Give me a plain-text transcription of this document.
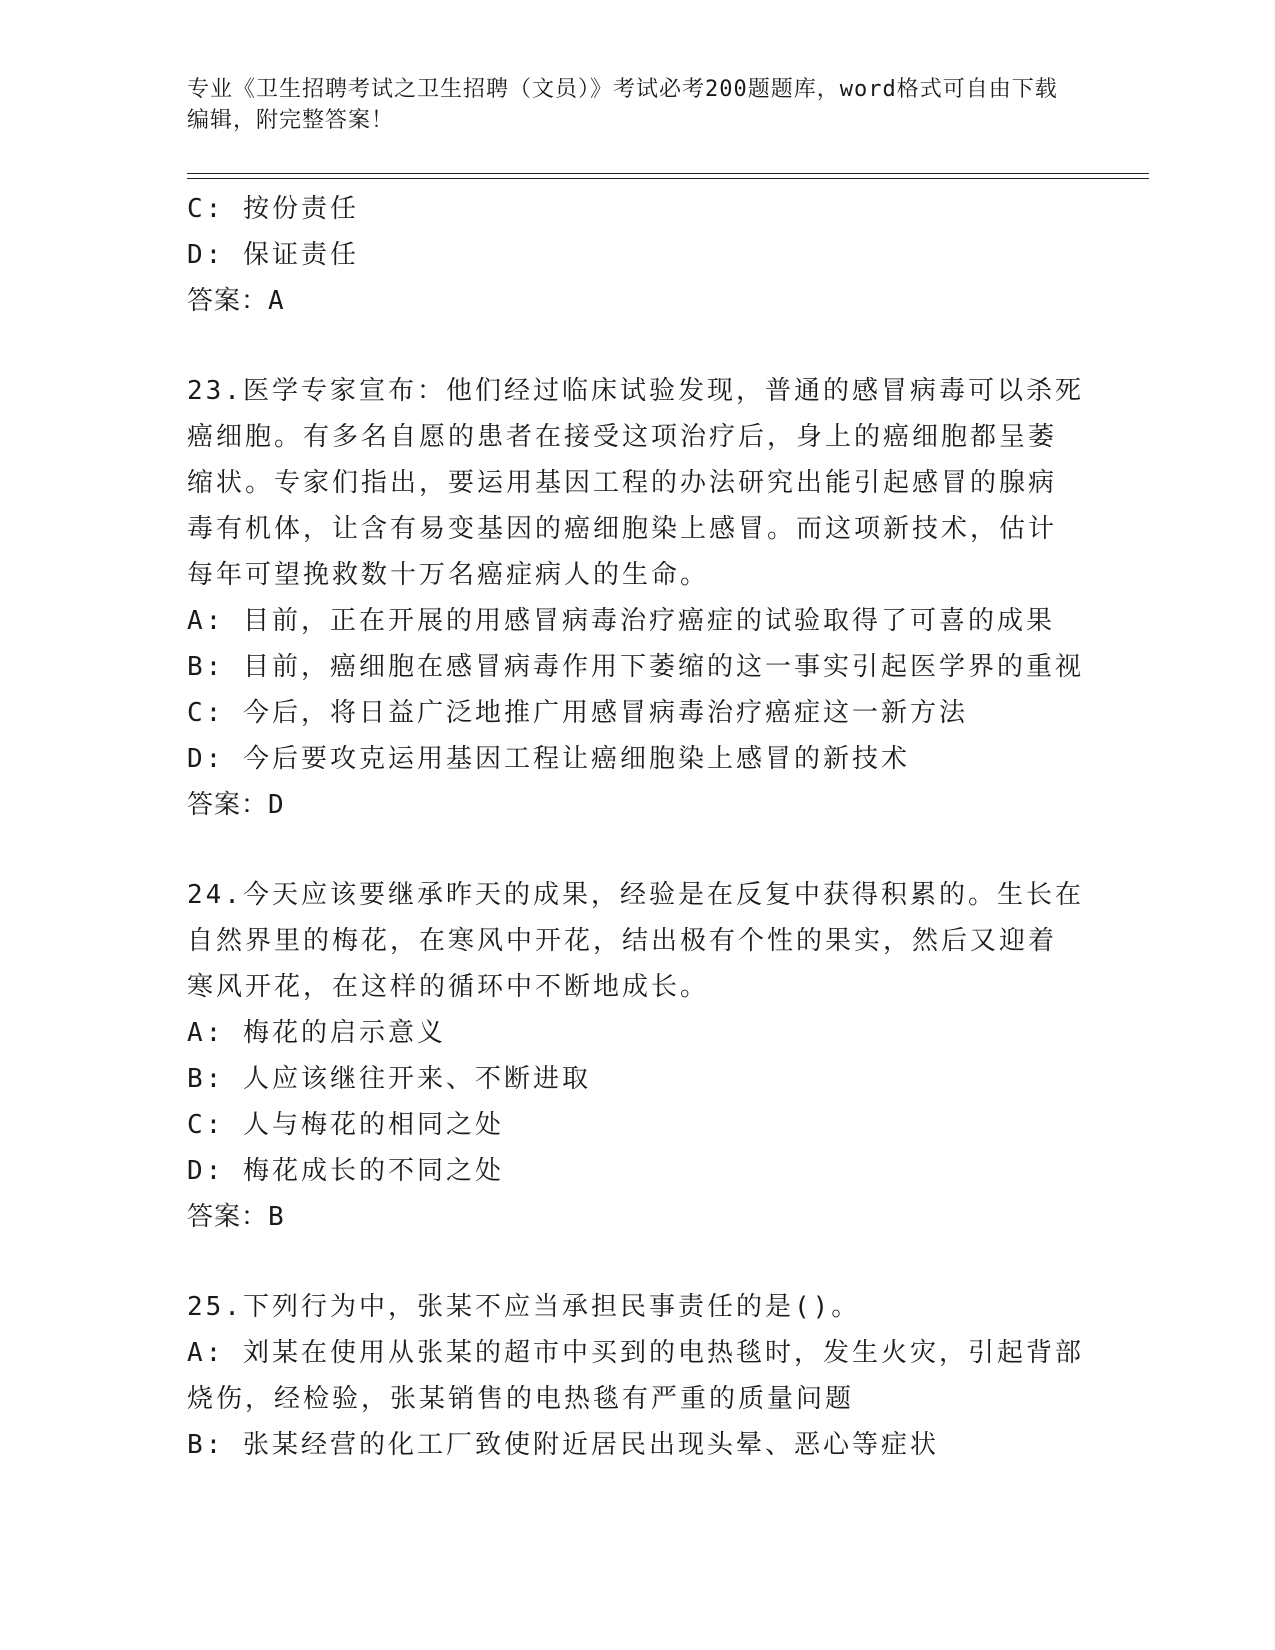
专业《卫生招聘考试之卫生招聘（文员）》考试必考200题题库，word格式可自由下载编辑，附完整答案！
C: 按份责任
D: 保证责任
答案：A
23.医学专家宣布：他们经过临床试验发现，普通的感冒病毒可以杀死
癌细胞。有多名自愿的患者在接受这项治疗后，身上的癌细胞都呈萎
缩状。专家们指出，要运用基因工程的办法研究出能引起感冒的腺病
毒有机体，让含有易变基因的癌细胞染上感冒。而这项新技术，估计
每年可望挽救数十万名癌症病人的生命。
A: 目前，正在开展的用感冒病毒治疗癌症的试验取得了可喜的成果
B: 目前，癌细胞在感冒病毒作用下萎缩的这一事实引起医学界的重视
C: 今后，将日益广泛地推广用感冒病毒治疗癌症这一新方法
D: 今后要攻克运用基因工程让癌细胞染上感冒的新技术
答案：D
24.今天应该要继承昨天的成果，经验是在反复中获得积累的。生长在
自然界里的梅花，在寒风中开花，结出极有个性的果实，然后又迎着
寒风开花，在这样的循环中不断地成长。
A: 梅花的启示意义
B: 人应该继往开来、不断进取
C: 人与梅花的相同之处
D: 梅花成长的不同之处
答案：B
25.下列行为中，张某不应当承担民事责任的是()。
A: 刘某在使用从张某的超市中买到的电热毯时，发生火灾，引起背部
烧伤，经检验，张某销售的电热毯有严重的质量问题
B: 张某经营的化工厂致使附近居民出现头晕、恶心等症状
